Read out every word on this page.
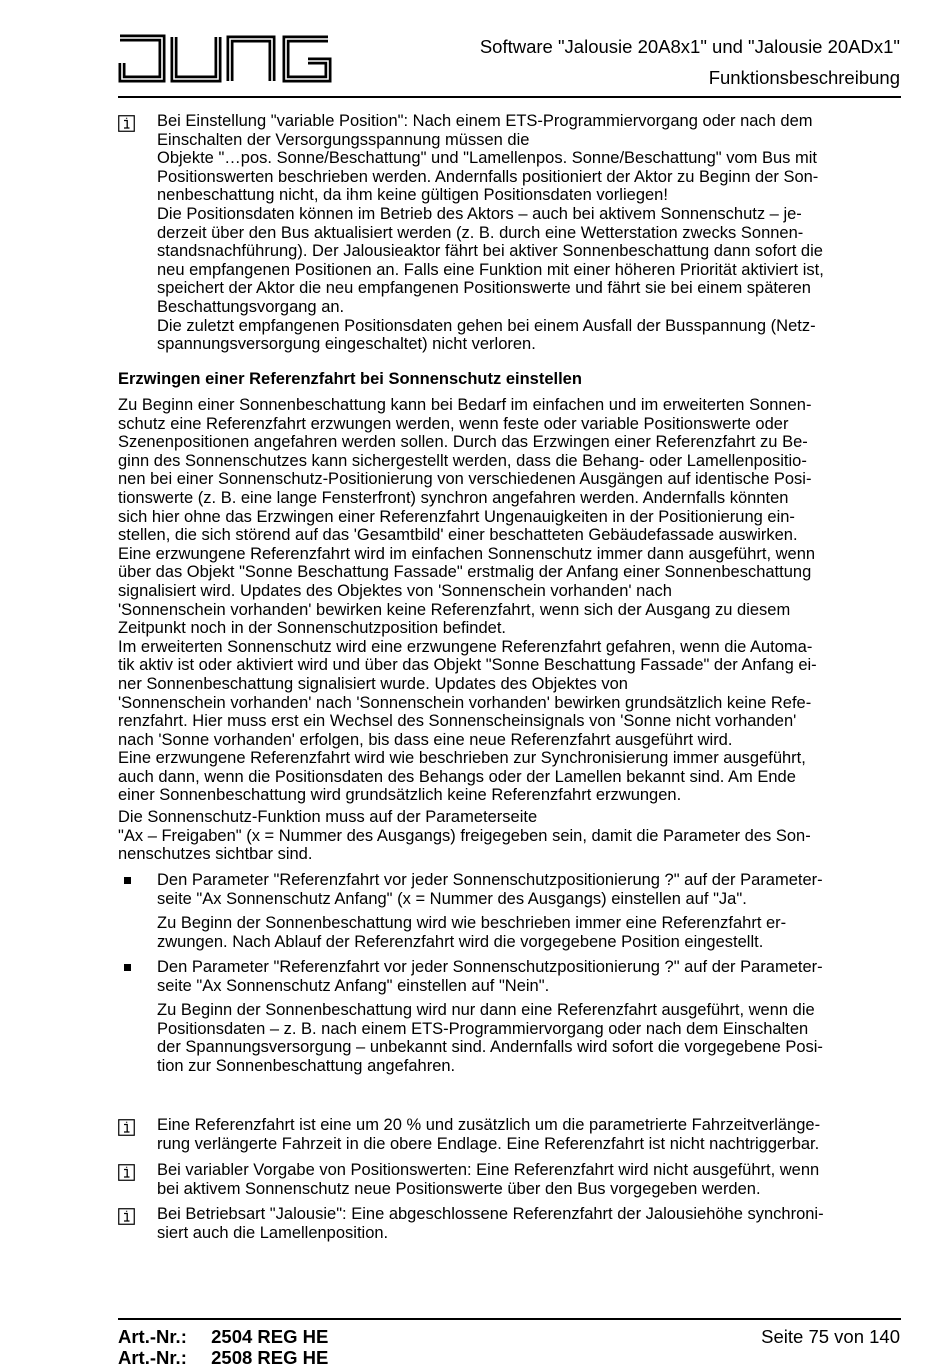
Software "Jalousie 20A8x1" und "Jalousie 20ADx1"
Funktionsbeschreibung
Bei Einstellung "variable Position": Nach einem ETS-Programmiervorgang oder nach dem
Einschalten der Versorgungsspannung müssen die
Objekte "…pos. Sonne/Beschattung" und "Lamellenpos. Sonne/Beschattung" vom Bus mit
Positionswerten beschrieben werden. Andernfalls positioniert der Aktor zu Beginn der Son-
nenbeschattung nicht, da ihm keine gültigen Positionsdaten vorliegen!
Die Positionsdaten können im Betrieb des Aktors – auch bei aktivem Sonnenschutz – je-
derzeit über den Bus aktualisiert werden (z. B. durch eine Wetterstation zwecks Sonnen-
standsnachführung). Der Jalousieaktor fährt bei aktiver Sonnenbeschattung dann sofort die
neu empfangenen Positionen an. Falls eine Funktion mit einer höheren Priorität aktiviert ist,
speichert der Aktor die neu empfangenen Positionswerte und fährt sie bei einem späteren
Beschattungsvorgang an.
Die zuletzt empfangenen Positionsdaten gehen bei einem Ausfall der Busspannung (Netz-
spannungsversorgung eingeschaltet) nicht verloren.
Erzwingen einer Referenzfahrt bei Sonnenschutz einstellen
Zu Beginn einer Sonnenbeschattung kann bei Bedarf im einfachen und im erweiterten Sonnen-
schutz eine Referenzfahrt erzwungen werden, wenn feste oder variable Positionswerte oder
Szenenpositionen angefahren werden sollen. Durch das Erzwingen einer Referenzfahrt zu Be-
ginn des Sonnenschutzes kann sichergestellt werden, dass die Behang- oder Lamellenpositio-
nen bei einer Sonnenschutz-Positionierung von verschiedenen Ausgängen auf identische Posi-
tionswerte (z. B. eine lange Fensterfront) synchron angefahren werden. Andernfalls könnten
sich hier ohne das Erzwingen einer Referenzfahrt Ungenauigkeiten in der Positionierung ein-
stellen, die sich störend auf das 'Gesamtbild' einer beschatteten Gebäudefassade auswirken.
Eine erzwungene Referenzfahrt wird im einfachen Sonnenschutz immer dann ausgeführt, wenn
über das Objekt "Sonne Beschattung Fassade" erstmalig der Anfang einer Sonnenbeschattung
signalisiert wird. Updates des Objektes von 'Sonnenschein vorhanden' nach
'Sonnenschein vorhanden' bewirken keine Referenzfahrt, wenn sich der Ausgang zu diesem
Zeitpunkt noch in der Sonnenschutzposition befindet.
Im erweiterten Sonnenschutz wird eine erzwungene Referenzfahrt gefahren, wenn die Automa-
tik aktiv ist oder aktiviert wird und über das Objekt "Sonne Beschattung Fassade" der Anfang ei-
ner Sonnenbeschattung signalisiert wurde. Updates des Objektes von
'Sonnenschein vorhanden' nach 'Sonnenschein vorhanden' bewirken grundsätzlich keine Refe-
renzfahrt. Hier muss erst ein Wechsel des Sonnenscheinsignals von 'Sonne nicht vorhanden'
nach 'Sonne vorhanden' erfolgen, bis dass eine neue Referenzfahrt ausgeführt wird.
Eine erzwungene Referenzfahrt wird wie beschrieben zur Synchronisierung immer ausgeführt,
auch dann, wenn die Positionsdaten des Behangs oder der Lamellen bekannt sind. Am Ende
einer Sonnenbeschattung wird grundsätzlich keine Referenzfahrt erzwungen.
Die Sonnenschutz-Funktion muss auf der Parameterseite
"Ax – Freigaben" (x = Nummer des Ausgangs) freigegeben sein, damit die Parameter des Son-
nenschutzes sichtbar sind.
Den Parameter "Referenzfahrt vor jeder Sonnenschutzpositionierung ?" auf der Parameter-
seite "Ax Sonnenschutz Anfang" (x = Nummer des Ausgangs) einstellen auf "Ja".
Zu Beginn der Sonnenbeschattung wird wie beschrieben immer eine Referenzfahrt er-
zwungen. Nach Ablauf der Referenzfahrt wird die vorgegebene Position eingestellt.
Den Parameter "Referenzfahrt vor jeder Sonnenschutzpositionierung ?" auf der Parameter-
seite "Ax Sonnenschutz Anfang" einstellen auf "Nein".
Zu Beginn der Sonnenbeschattung wird nur dann eine Referenzfahrt ausgeführt, wenn die
Positionsdaten – z. B. nach einem ETS-Programmiervorgang oder nach dem Einschalten
der Spannungsversorgung – unbekannt sind. Andernfalls wird sofort die vorgegebene Posi-
tion zur Sonnenbeschattung angefahren.
Eine Referenzfahrt ist eine um 20 % und zusätzlich um die parametrierte Fahrzeitverlänge-
rung verlängerte Fahrzeit in die obere Endlage. Eine Referenzfahrt ist nicht nachtriggerbar.
Bei variabler Vorgabe von Positionswerten: Eine Referenzfahrt wird nicht ausgeführt, wenn
bei aktivem Sonnenschutz neue Positionswerte über den Bus vorgegeben werden.
Bei Betriebsart "Jalousie": Eine abgeschlossene Referenzfahrt der Jalousiehöhe synchroni-
siert auch die Lamellenposition.
Art.-Nr.: 2504 REG HE
Art.-Nr.: 2508 REG HE
Seite 75 von 140
